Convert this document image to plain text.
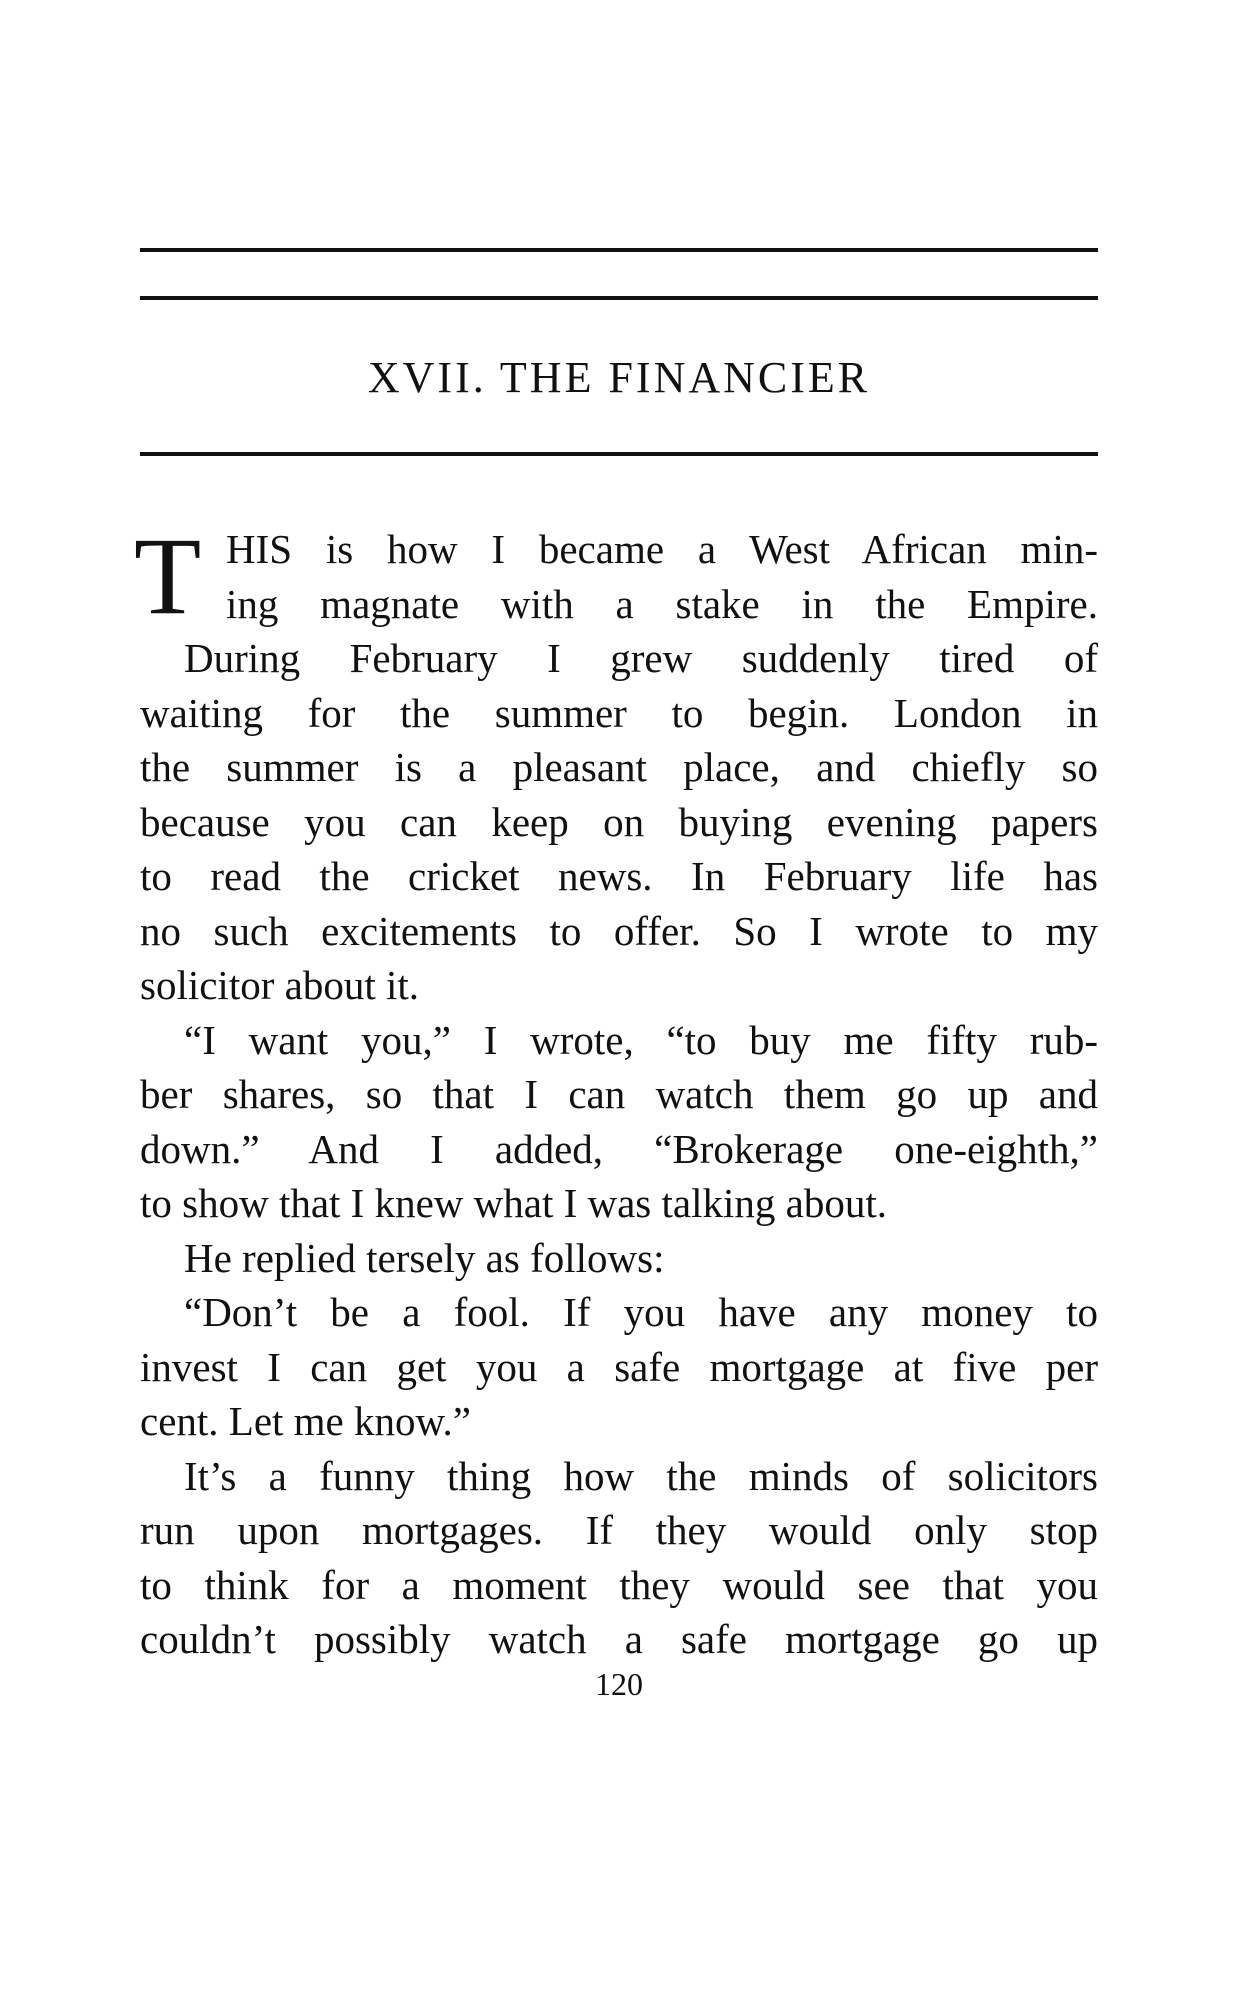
XVII. THE FINANCIER
T HIS is how I became a West African min-
ing magnate with a stake in the Empire.
During February I grew suddenly tired of
waiting for the summer to begin. London in
the summer is a pleasant place, and chiefly so
because you can keep on buying evening papers
to read the cricket news. In February life has
no such excitements to offer. So I wrote to my
solicitor about it.
“I want you,” I wrote, “to buy me fifty rub-
ber shares, so that I can watch them go up and
down.” And I added, “Brokerage one-eighth,”
to show that I knew what I was talking about.
He replied tersely as follows:
“Don’t be a fool. If you have any money to
invest I can get you a safe mortgage at five per
cent. Let me know.”
It’s a funny thing how the minds of solicitors
run upon mortgages. If they would only stop
to think for a moment they would see that you
couldn’t possibly watch a safe mortgage go up
120
